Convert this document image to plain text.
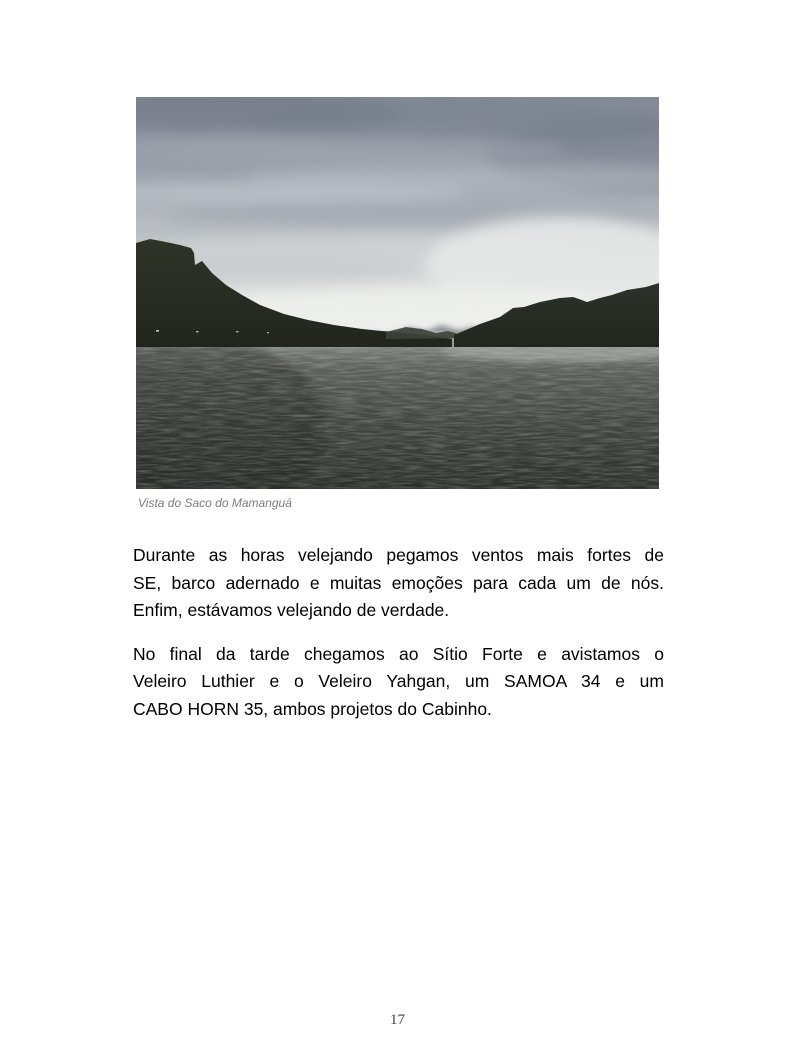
Vista do Saco do Mamanguá

Durante as horas velejando pegamos ventos mais fortes de
SE, barco adernado e muitas emoções para cada um de nós.
Enfim, estávamos velejando de verdade.

No final da tarde chegamos ao Sítio Forte e avistamos o
Veleiro Luthier e o Veleiro Yahgan, um SAMOA 34 e um
CABO HORN 35, ambos projetos do Cabinho.

17
